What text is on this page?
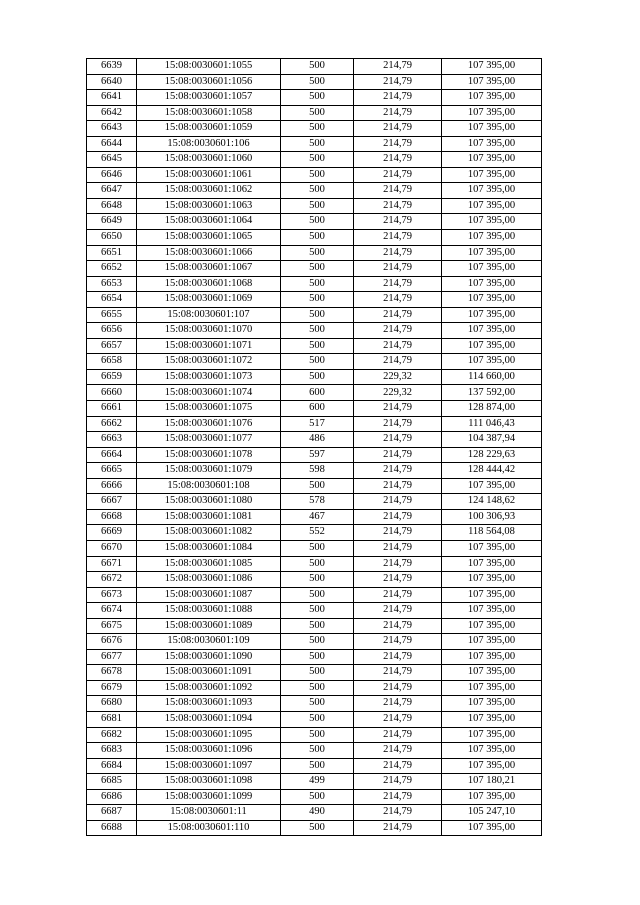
6639	15:08:0030601:1055	500	214,79	107 395,00
6640	15:08:0030601:1056	500	214,79	107 395,00
6641	15:08:0030601:1057	500	214,79	107 395,00
6642	15:08:0030601:1058	500	214,79	107 395,00
6643	15:08:0030601:1059	500	214,79	107 395,00
6644	15:08:0030601:106	500	214,79	107 395,00
6645	15:08:0030601:1060	500	214,79	107 395,00
6646	15:08:0030601:1061	500	214,79	107 395,00
6647	15:08:0030601:1062	500	214,79	107 395,00
6648	15:08:0030601:1063	500	214,79	107 395,00
6649	15:08:0030601:1064	500	214,79	107 395,00
6650	15:08:0030601:1065	500	214,79	107 395,00
6651	15:08:0030601:1066	500	214,79	107 395,00
6652	15:08:0030601:1067	500	214,79	107 395,00
6653	15:08:0030601:1068	500	214,79	107 395,00
6654	15:08:0030601:1069	500	214,79	107 395,00
6655	15:08:0030601:107	500	214,79	107 395,00
6656	15:08:0030601:1070	500	214,79	107 395,00
6657	15:08:0030601:1071	500	214,79	107 395,00
6658	15:08:0030601:1072	500	214,79	107 395,00
6659	15:08:0030601:1073	500	229,32	114 660,00
6660	15:08:0030601:1074	600	229,32	137 592,00
6661	15:08:0030601:1075	600	214,79	128 874,00
6662	15:08:0030601:1076	517	214,79	111 046,43
6663	15:08:0030601:1077	486	214,79	104 387,94
6664	15:08:0030601:1078	597	214,79	128 229,63
6665	15:08:0030601:1079	598	214,79	128 444,42
6666	15:08:0030601:108	500	214,79	107 395,00
6667	15:08:0030601:1080	578	214,79	124 148,62
6668	15:08:0030601:1081	467	214,79	100 306,93
6669	15:08:0030601:1082	552	214,79	118 564,08
6670	15:08:0030601:1084	500	214,79	107 395,00
6671	15:08:0030601:1085	500	214,79	107 395,00
6672	15:08:0030601:1086	500	214,79	107 395,00
6673	15:08:0030601:1087	500	214,79	107 395,00
6674	15:08:0030601:1088	500	214,79	107 395,00
6675	15:08:0030601:1089	500	214,79	107 395,00
6676	15:08:0030601:109	500	214,79	107 395,00
6677	15:08:0030601:1090	500	214,79	107 395,00
6678	15:08:0030601:1091	500	214,79	107 395,00
6679	15:08:0030601:1092	500	214,79	107 395,00
6680	15:08:0030601:1093	500	214,79	107 395,00
6681	15:08:0030601:1094	500	214,79	107 395,00
6682	15:08:0030601:1095	500	214,79	107 395,00
6683	15:08:0030601:1096	500	214,79	107 395,00
6684	15:08:0030601:1097	500	214,79	107 395,00
6685	15:08:0030601:1098	499	214,79	107 180,21
6686	15:08:0030601:1099	500	214,79	107 395,00
6687	15:08:0030601:11	490	214,79	105 247,10
6688	15:08:0030601:110	500	214,79	107 395,00
